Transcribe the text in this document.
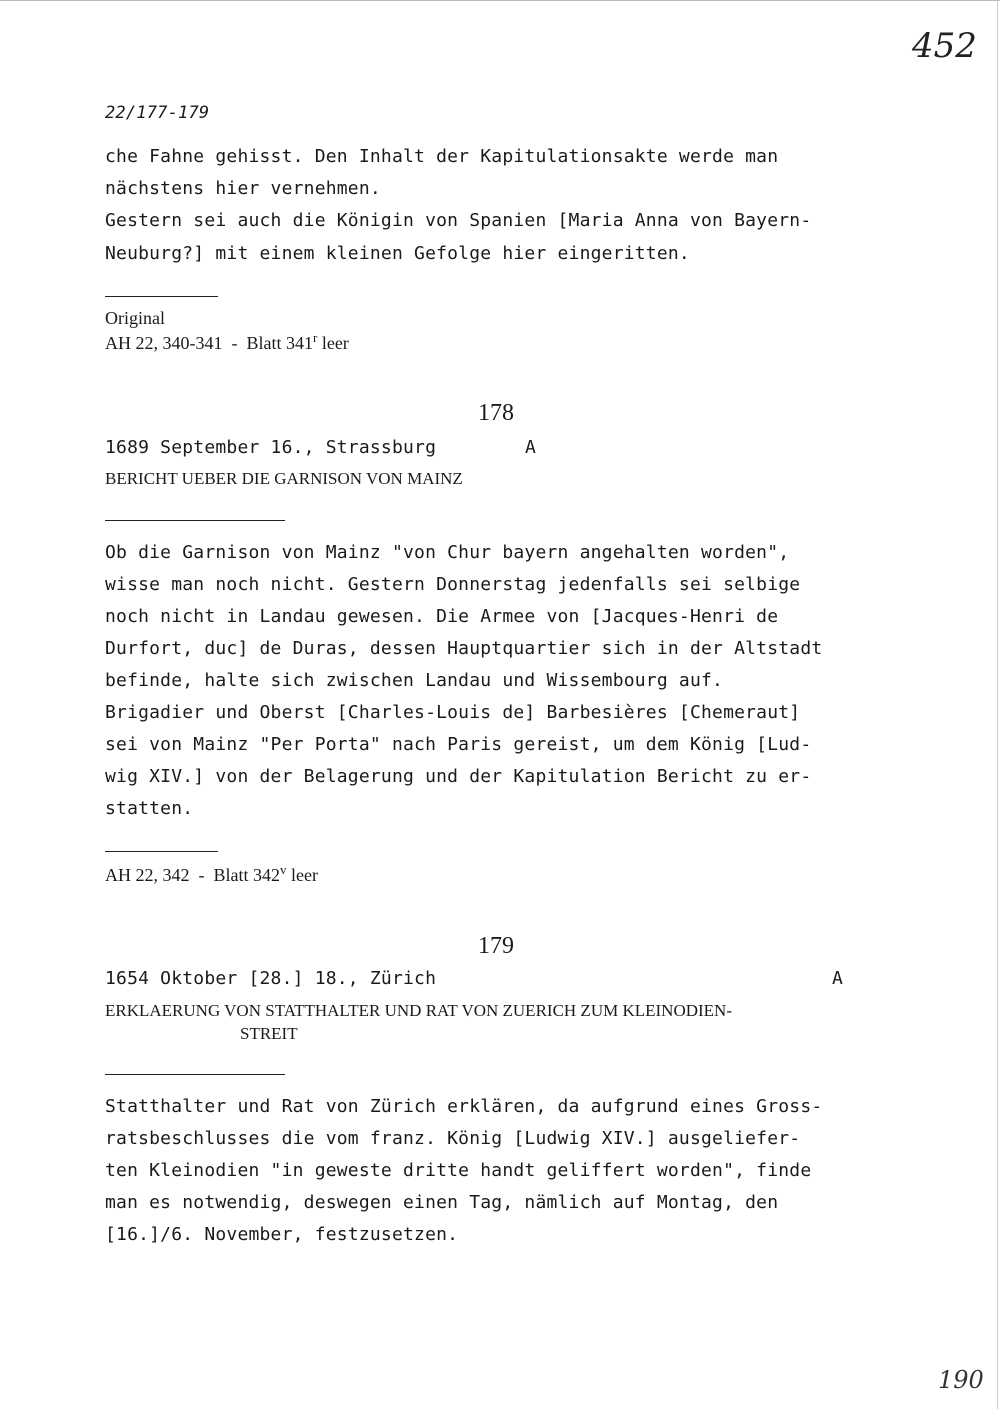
452
22/177-179
che Fahne gehisst. Den Inhalt der Kapitulationsakte werde man
nächstens hier vernehmen.
Gestern sei auch die Königin von Spanien [Maria Anna von Bayern-
Neuburg?] mit einem kleinen Gefolge hier eingeritten.
Original
AH 22, 340-341  -  Blatt 341$^r$ leer
178
1689 September 16., Strassburg	A
BERICHT UEBER DIE GARNISON VON MAINZ
Ob die Garnison von Mainz "von Chur bayern angehalten worden",
wisse man noch nicht. Gestern Donnerstag jedenfalls sei selbige
noch nicht in Landau gewesen. Die Armee von [Jacques-Henri de
Durfort, duc] de Duras, dessen Hauptquartier sich in der Altstadt
befinde, halte sich zwischen Landau und Wissembourg auf.
Brigadier und Oberst [Charles-Louis de] Barbesières [Chemeraut]
sei von Mainz "Per Porta" nach Paris gereist, um dem König [Lud-
wig XIV.] von der Belagerung und der Kapitulation Bericht zu er-
statten.
AH 22, 342  -  Blatt 342$^v$ leer
179
1654 Oktober [28.] 18., Zürich	A
ERKLAERUNG VON STATTHALTER UND RAT VON ZUERICH ZUM KLEINODIEN-
STREIT
Statthalter und Rat von Zürich erklären, da aufgrund eines Gross-
ratsbeschlusses die vom franz. König [Ludwig XIV.] ausgeliefer-
ten Kleinodien "in geweste dritte handt geliffert worden", finde
man es notwendig, deswegen einen Tag, nämlich auf Montag, den
[16.]/6. November, festzusetzen.
190
